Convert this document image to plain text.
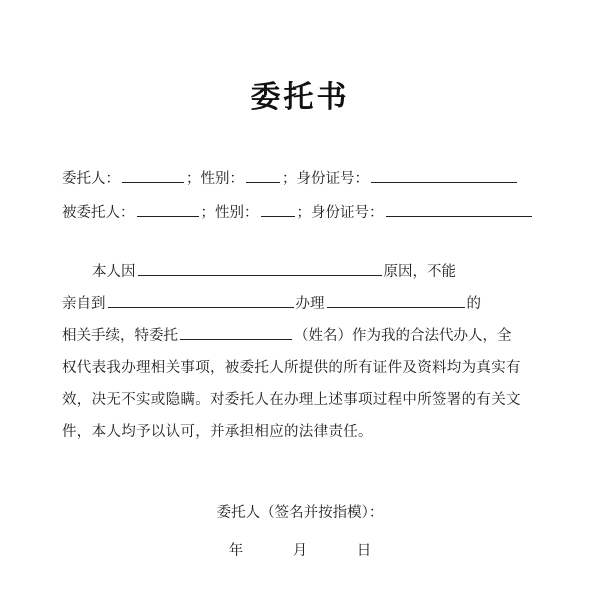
委托书
委托人：	；性别：	；身份证号：
被委托人：	；性别：	；身份证号：
本人因	原因，不能
亲自到	办理	的
相关手续，特委托	（姓名）作为我的合法代办人，全
权代表我办理相关事项，被委托人所提供的所有证件及资料均为真实有效，决无不实或隐瞒。对委托人在办理上述事项过程中所签署的有关文件，本人均予以认可，并承担相应的法律责任。
委托人（签名并按指模）：
年	月	日
